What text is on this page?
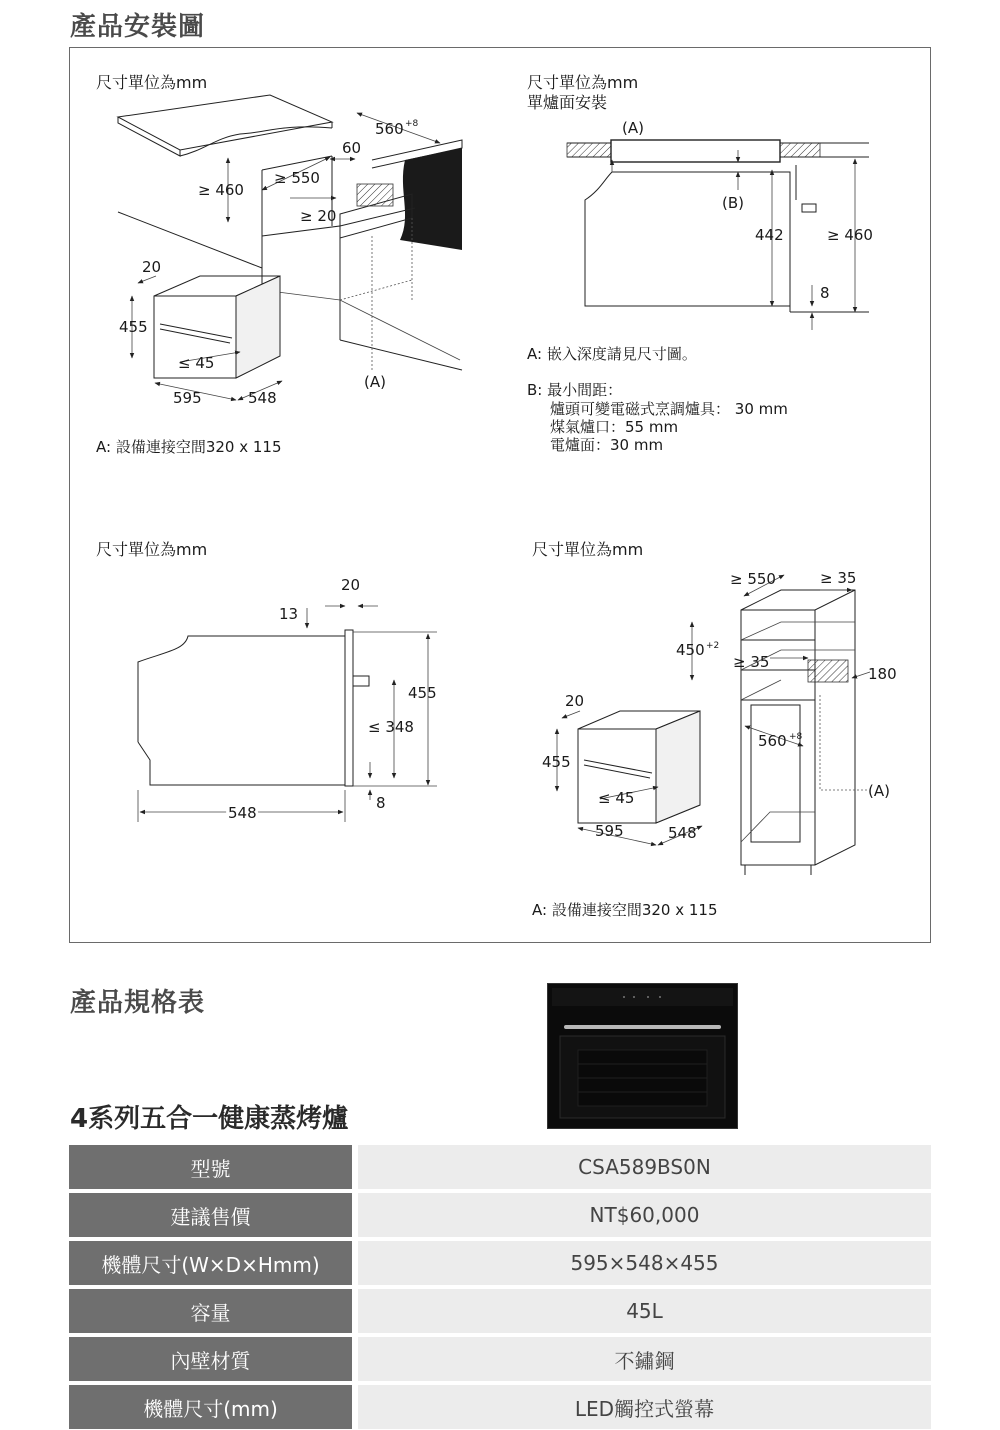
產品安裝圖
尺寸單位為mm
560 +8
60
≥ 460
≥ 550
≥ 20
(A)
455
20
≤ 45
595	548
A: 設備連接空間320 x 115
尺寸單位為mm
單爐面安裝
(A)
(B)
442	≥ 460
8
A: 嵌入深度請見尺寸圖。
B: 最小間距：
爐頭可變電磁式烹調爐具： 30 mm
煤氣爐口：55 mm
電爐面：30 mm
尺寸單位為mm
20
13
455
≤ 348
8
548
尺寸單位為mm
≥ 550	≥ 35
450 +2
≥ 35
180
560 +8
(A)
455
20
≤ 45
595	548
A: 設備連接空間320 x 115
產品規格表
4系列五合一健康蒸烤爐
型號	CSA589BS0N
建議售價	NT$60,000
機體尺寸(W×D×Hmm)	595×548×455
容量	45L
內壁材質	不鏽鋼
機體尺寸(mm)	LED觸控式螢幕
